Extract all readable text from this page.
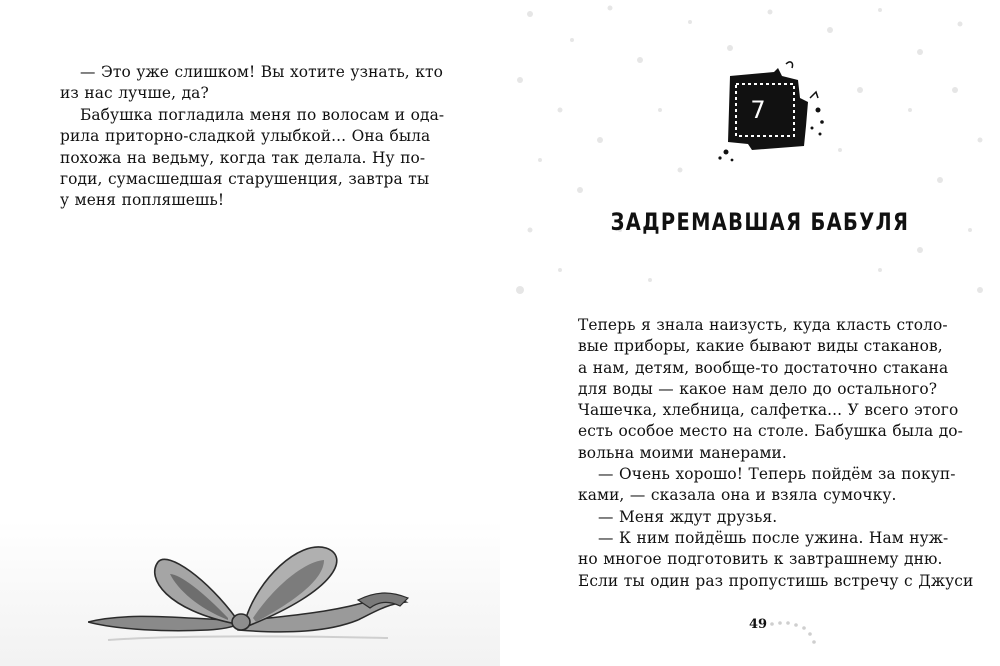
— Это уже слишком! Вы хотите узнать, кто
из нас лучше, да?

Бабушка погладила меня по волосам и ода-
рила приторно-сладкой улыбкой... Она была
похожа на ведьму, когда так делала. Ну по-
годи, сумасшедшая старушенция, завтра ты
у меня попляшешь!

Теперь я знала наизусть, куда класть столо-
вые приборы, какие бывают виды стаканов,
а нам, детям, вообще-то достаточно стакана
для воды — какое нам дело до остального?
Чашечка, хлебница, салфетка... У всего этого
есть особое место на столе. Бабушка была до-
вольна моими манерами.
— Очень хорошо! Теперь пойдём за покуп-
ками, — сказала она и взяла сумочку.
— Меня ждут друзья.
— К ним пойдёшь после ужина. Нам нуж-
но многое подготовить к завтрашнему дню.
Если ты один раз пропустишь встречу с Джуси
7
ЗАДРЕМАВШАЯ БАБУЛЯ
49
